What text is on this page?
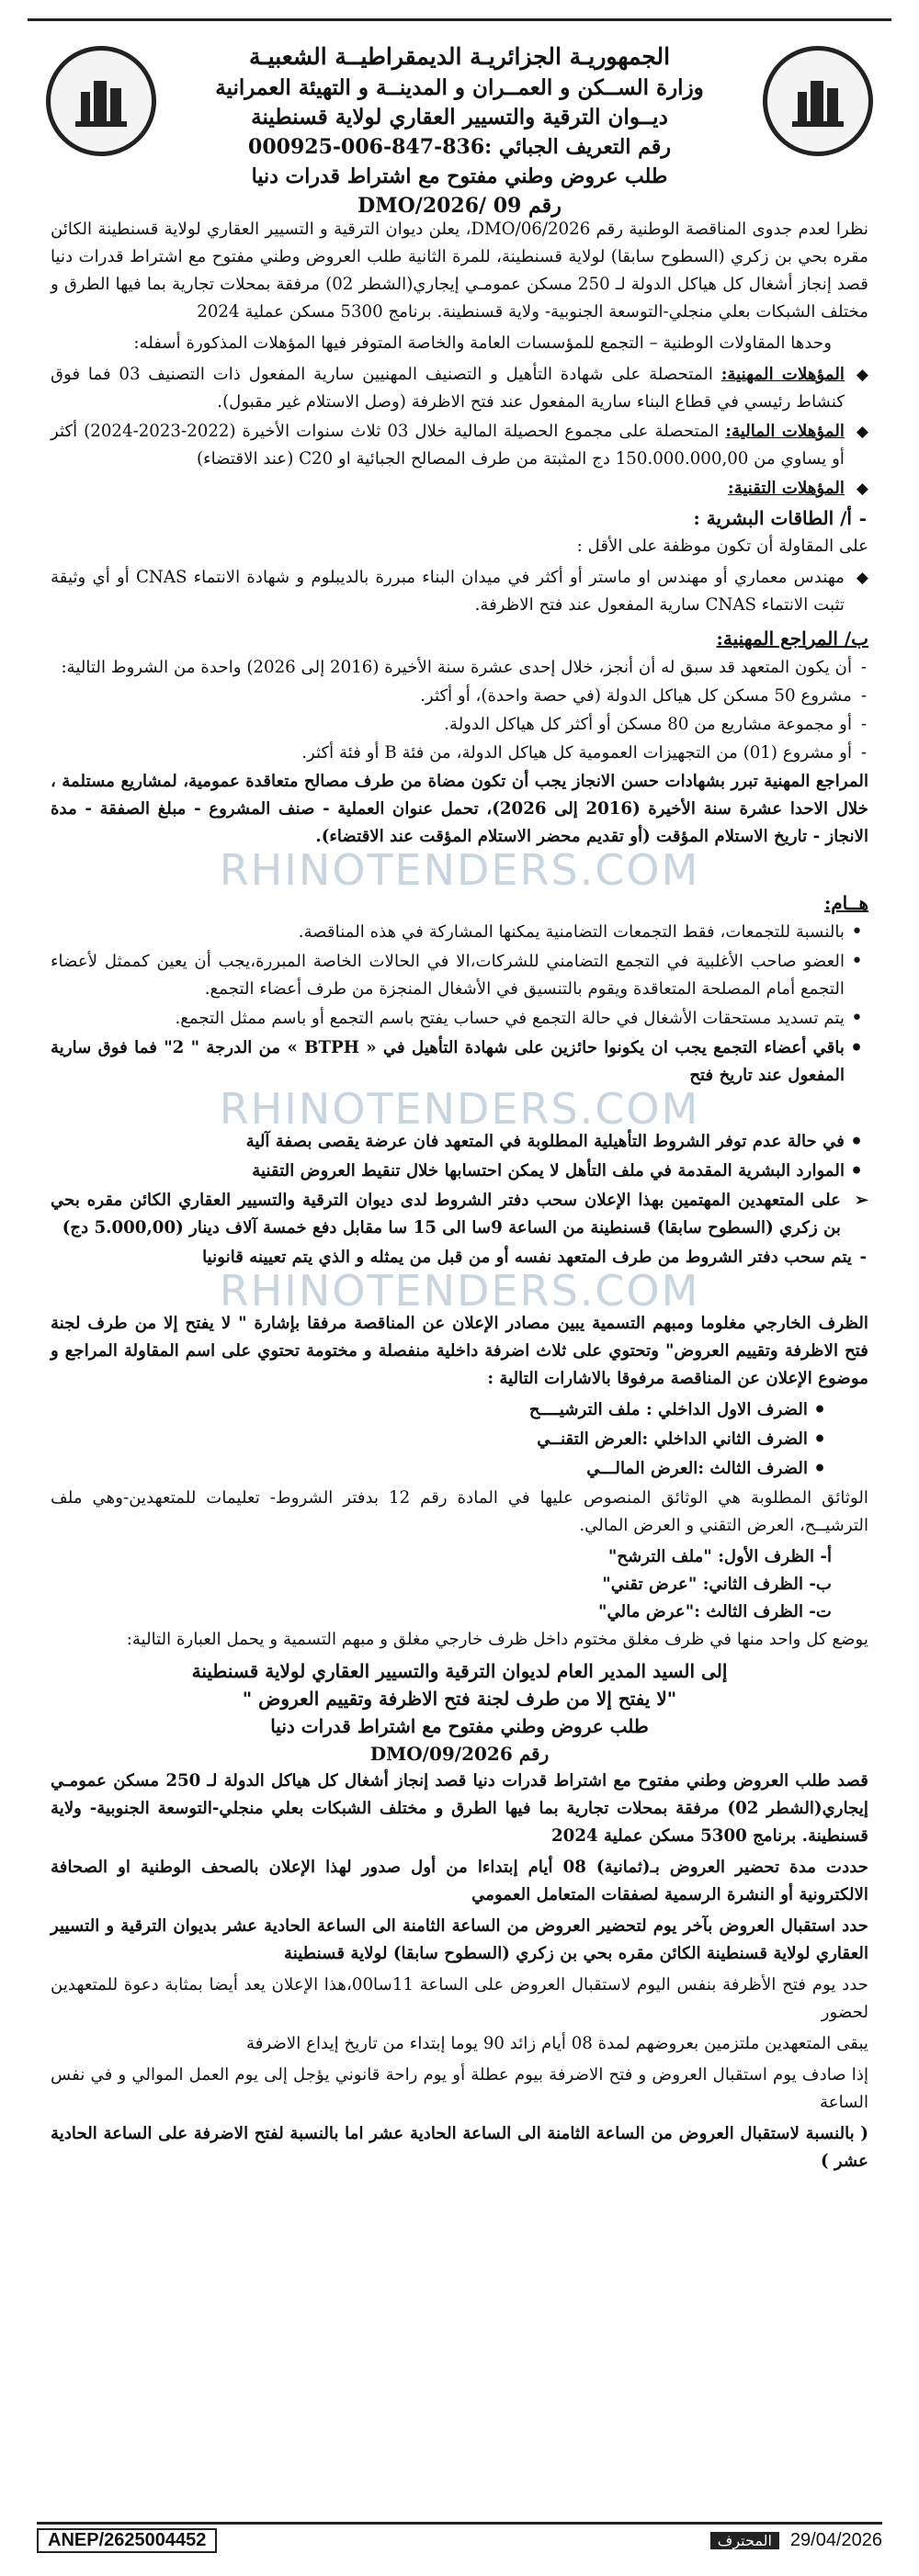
الجمهوريـة الجزائريـة الديمقراطيــة الشعبيـة
وزارة الســكن و العمــران و المدينــة و التهيئة العمرانية
ديــوان الترقية والتسيير العقاري لولاية قسنطينة
رقم التعريف الجبائي :836-847-006-000925
طلب عروض وطني مفتوح مع اشتراط قدرات دنيا
رقم 09 /2026/DMO

نظرا لعدم جدوى المناقصة الوطنية رقم 2026/DMO/06، يعلن ديوان الترقية و التسيير العقاري لولاية قسنطينة الكائن مقره بحي بن زكري (السطوح سابقا) لولاية قسنطينة، للمرة الثانية طلب العروض وطني مفتوح مع اشتراط قدرات دنيا قصد إنجاز أشغال كل هياكل الدولة لـ 250 مسكن عمومـي إيجاري(الشطر 02) مرفقة بمحلات تجارية بما فيها الطرق و مختلف الشبكات بعلي منجلي-التوسعة الجنوبية- ولاية قسنطينة. برنامج 5300 مسكن عملية 2024

وحدها المقاولات الوطنية – التجمع للمؤسسات العامة والخاصة المتوفر فيها المؤهلات المذكورة أسفله:

◆ المؤهلات المهنية: المتحصلة على شهادة التأهيل و التصنيف المهنيين سارية المفعول ذات التصنيف 03 فما فوق كنشاط رئيسي في قطاع البناء سارية المفعول عند فتح الاظرفة (وصل الاستلام غير مقبول).
◆ المؤهلات المالية: المتحصلة على مجموع الحصيلة المالية خلال 03 ثلاث سنوات الأخيرة (2022-2023-2024) أكثر أو يساوي من 150.000.000,00 دج المثبتة من طرف المصالح الجبائية او C20 (عند الاقتضاء)
◆ المؤهلات التقنية:
- أ/ الطاقات البشرية :

على المقاولة أن تكون موظفة على الأقل :

◆ مهندس معماري أو مهندس او ماستر أو أكثر في ميدان البناء مبررة بالديبلوم و شهادة الانتماء CNAS أو أي وثيقة تثبت الانتماء CNAS سارية المفعول عند فتح الاظرفة.
ب/ المراجع المهنية:
- أن يكون المتعهد قد سبق له أن أنجز، خلال إحدى عشرة سنة الأخيرة (2016 إلى 2026) واحدة من الشروط التالية:
- مشروع 50 مسكن كل هياكل الدولة (في حصة واحدة)، أو أكثر.
- أو مجموعة مشاريع من 80 مسكن أو أكثر كل هياكل الدولة.
- أو مشروع (01) من التجهيزات العمومية كل هياكل الدولة، من فئة B أو فئة أكثر.

المراجع المهنية تبرر بشهادات حسن الانجاز يجب أن تكون مضاة من طرف مصالح متعاقدة عمومية، لمشاريع مستلمة ، خلال الاحدا عشرة سنة الأخيرة (2016 إلى 2026)، تحمل عنوان العملية - صنف المشروع - مبلغ الصفقة - مدة الانجاز - تاريخ الاستلام المؤقت (أو تقديم محضر الاستلام المؤقت عند الاقتضاء).

RHINOTENDERS.COM
هــام:
• بالنسبة للتجمعات، فقط التجمعات التضامنية يمكنها المشاركة في هذه المناقصة.
• العضو صاحب الأغلبية في التجمع التضامني للشركات،الا في الحالات الخاصة المبررة،يجب أن يعين كممثل لأعضاء التجمع أمام المصلحة المتعاقدة ويقوم بالتنسيق في الأشغال المنجزة من طرف أعضاء التجمع.
• يتم تسديد مستحقات الأشغال في حالة التجمع في حساب يفتح باسم التجمع أو باسم ممثل التجمع.
• باقي أعضاء التجمع يجب ان يكونوا حائزين على شهادة التأهيل في « BTPH » من الدرجة " 2" فما فوق سارية المفعول عند تاريخ فتح
RHINOTENDERS.COM
• في حالة عدم توفر الشروط التأهيلية المطلوبة في المتعهد فان عرضة يقصى بصفة آلية
• الموارد البشرية المقدمة في ملف التأهل لا يمكن احتسابها خلال تنقيط العروض التقنية
➢ على المتعهدين المهتمين بهذا الإعلان سحب دفتر الشروط لدى ديوان الترقية والتسيير العقاري الكائن مقره بحي بن زكري (السطوح سابقا) قسنطينة من الساعة 9سا الى 15 سا مقابل دفع خمسة آلاف دينار (5.000,00 دج)
- يتم سحب دفتر الشروط من طرف المتعهد نفسه أو من قبل من يمثله و الذي يتم تعيينه قانونيا
RHINOTENDERS.COM

الظرف الخارجي مغلوما ومبهم التسمية يبين مصادر الإعلان عن المناقصة مرفقا بإشارة " لا يفتح إلا من طرف لجنة فتح الاظرفة وتقييم العروض" وتحتوي على ثلاث اضرفة داخلية منفصلة و مختومة تحتوي على اسم المقاولة المراجع و موضوع الإعلان عن المناقصة مرفوقا بالاشارات التالية :

• الضرف الاول الداخلي : ملف الترشيــــح
• الضرف الثاني الداخلي :العرض التقنــي
• الضرف الثالث :العرض المالـــي

الوثائق المطلوبة هي الوثائق المنصوص عليها في المادة رقم 12 بدفتر الشروط- تعليمات للمتعهدين-وهي ملف الترشيــح، العرض التقني و العرض المالي.

أ- الظرف الأول: "ملف الترشح"
ب- الظرف الثاني: "عرض تقني"
ت- الظرف الثالث :"عرض مالي"

يوضع كل واحد منها في ظرف مغلق مختوم داخل ظرف خارجي مغلق و مبهم التسمية و يحمل العبارة التالية:

إلى السيد المدير العام لديوان الترقية والتسيير العقاري لولاية قسنطينة
"لا يفتح إلا من طرف لجنة فتح الاظرفة وتقييم العروض "
طلب عروض وطني مفتوح مع اشتراط قدرات دنيا
رقم 2026/DMO/09

قصد طلب العروض وطني مفتوح مع اشتراط قدرات دنيا قصد إنجاز أشغال كل هياكل الدولة لـ 250 مسكن عمومـي إيجاري(الشطر 02) مرفقة بمحلات تجارية بما فيها الطرق و مختلف الشبكات بعلي منجلي-التوسعة الجنوبية- ولاية قسنطينة. برنامج 5300 مسكن عملية 2024

حددت مدة تحضير العروض بـ(ثمانية) 08 أيام إبتداءا من أول صدور لهذا الإعلان بالصحف الوطنية او الصحافة الالكترونية أو النشرة الرسمية لصفقات المتعامل العمومي

حدد استقبال العروض بآخر يوم لتحضير العروض من الساعة الثامنة الى الساعة الحادية عشر بديوان الترقية و التسيير العقاري لولاية قسنطينة الكائن مقره بحي بن زكري (السطوح سابقا) لولاية قسنطينة

حدد يوم فتح الأظرفة بنفس اليوم لاستقبال العروض على الساعة 11سا00،هذا الإعلان يعد أيضا بمثابة دعوة للمتعهدين لحضور

يبقى المتعهدين ملتزمين بعروضهم لمدة 08 أيام زائد 90 يوما إبتداء من تاريخ إيداع الاضرفة

إذا صادف يوم استقبال العروض و فتح الاضرفة بيوم عطلة أو يوم راحة قانوني يؤجل إلى يوم العمل الموالي و في نفس الساعة

( بالنسبة لاستقبال العروض من الساعة الثامنة الى الساعة الحادية عشر اما بالنسبة لفتح الاضرفة على الساعة الحادية عشر )

ANEP/2625004452	المحترف	29/04/2026
